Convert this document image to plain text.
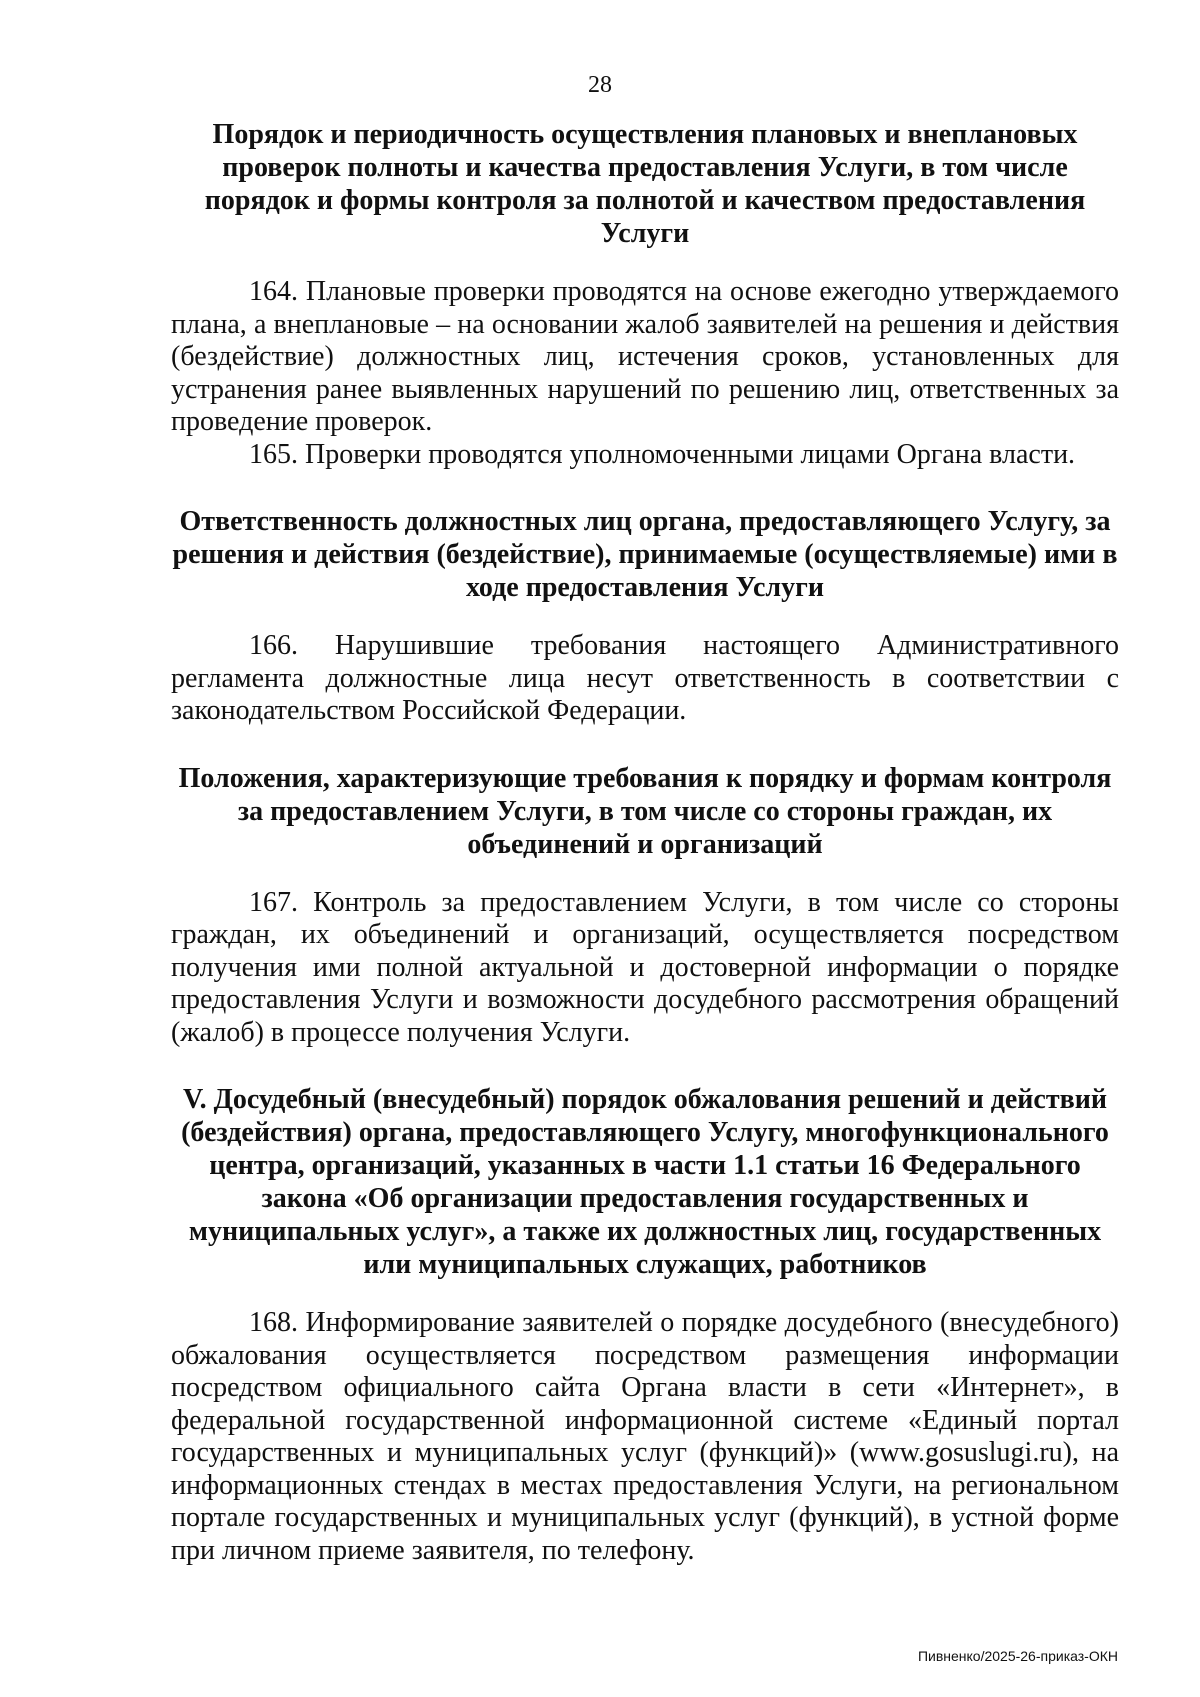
28

Порядок и периодичность осуществления плановых и внеплановых проверок полноты и качества предоставления Услуги, в том числе порядок и формы контроля за полнотой и качеством предоставления Услуги

164. Плановые проверки проводятся на основе ежегодно утверждаемого плана, а внеплановые – на основании жалоб заявителей на решения и действия (бездействие) должностных лиц, истечения сроков, установленных для устранения ранее выявленных нарушений по решению лиц, ответственных за проведение проверок.

165. Проверки проводятся уполномоченными лицами Органа власти.

Ответственность должностных лиц органа, предоставляющего Услугу, за решения и действия (бездействие), принимаемые (осуществляемые) ими в ходе предоставления Услуги

166. Нарушившие требования настоящего Административного регламента должностные лица несут ответственность в соответствии с законодательством Российской Федерации.

Положения, характеризующие требования к порядку и формам контроля за предоставлением Услуги, в том числе со стороны граждан, их объединений и организаций

167. Контроль за предоставлением Услуги, в том числе со стороны граждан, их объединений и организаций, осуществляется посредством получения ими полной актуальной и достоверной информации о порядке предоставления Услуги и возможности досудебного рассмотрения обращений (жалоб) в процессе получения Услуги.

V. Досудебный (внесудебный) порядок обжалования решений и действий (бездействия) органа, предоставляющего Услугу, многофункционального центра, организаций, указанных в части 1.1 статьи 16 Федерального закона «Об организации предоставления государственных и муниципальных услуг», а также их должностных лиц, государственных или муниципальных служащих, работников

168. Информирование заявителей о порядке досудебного (внесудебного) обжалования осуществляется посредством размещения информации посредством официального сайта Органа власти в сети «Интернет», в федеральной государственной информационной системе «Единый портал государственных и муниципальных услуг (функций)» (www.gosuslugi.ru), на информационных стендах в местах предоставления Услуги, на региональном портале государственных и муниципальных услуг (функций), в устной форме при личном приеме заявителя, по телефону.

Пивненко/2025-26-приказ-ОКН
